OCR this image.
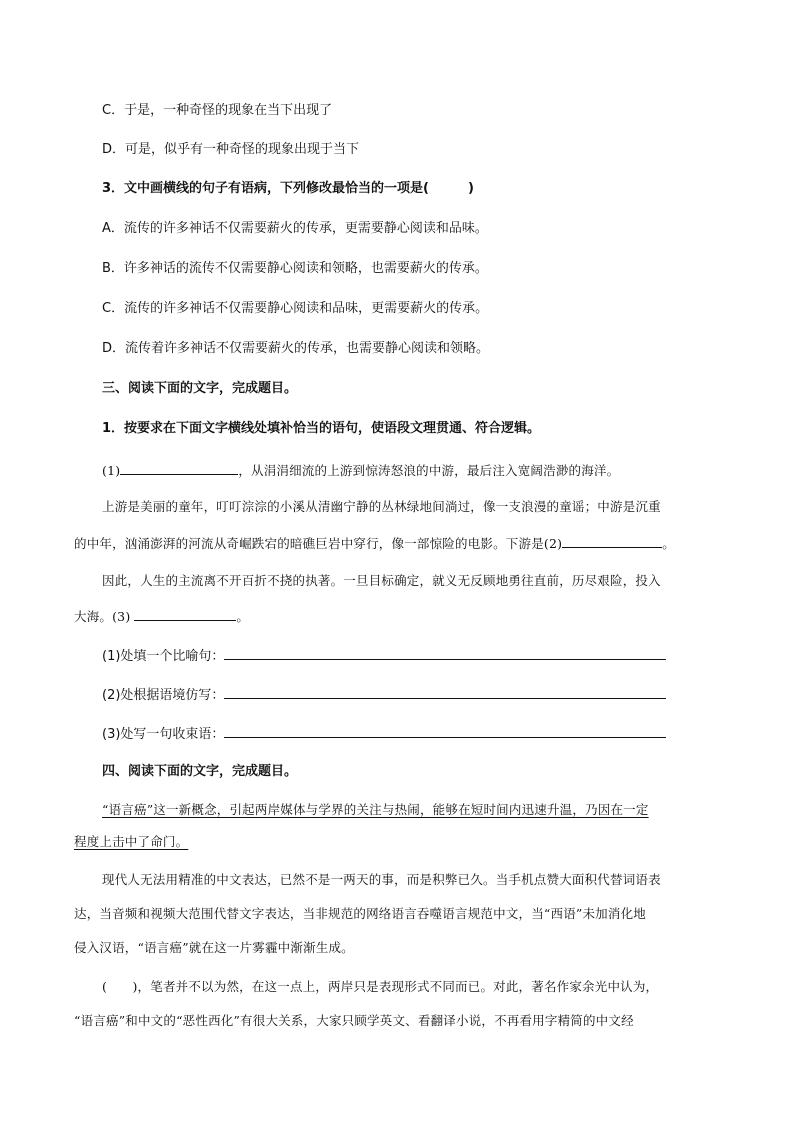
C．于是，一种奇怪的现象在当下出现了
D．可是，似乎有一种奇怪的现象出现于当下
3．文中画横线的句子有语病，下列修改最恰当的一项是(　　　)
A．流传的许多神话不仅需要薪火的传承，更需要静心阅读和品味。
B．许多神话的流传不仅需要静心阅读和领略，也需要薪火的传承。
C．流传的许多神话不仅需要静心阅读和品味，更需要薪火的传承。
D．流传着许多神话不仅需要薪火的传承，也需要静心阅读和领略。
三、阅读下面的文字，完成题目。
1．按要求在下面文字横线处填补恰当的语句，使语段文理贯通、符合逻辑。
(1)	，从涓涓细流的上游到惊涛怒浪的中游，最后注入宽阔浩渺的海洋。
上游是美丽的童年，叮叮淙淙的小溪从清幽宁静的丛林绿地间淌过，像一支浪漫的童谣；中游是沉重
的中年，汹涌澎湃的河流从奇崛跌宕的暗礁巨岩中穿行，像一部惊险的电影。下游是(2)	。
因此，人生的主流离不开百折不挠的执著。一旦目标确定，就义无反顾地勇往直前，历尽艰险，投入
大海。(3)	。
(1)处填一个比喻句：
(2)处根据语境仿写：
(3)处写一句收束语：
四、阅读下面的文字，完成题目。
“语言癌”这一新概念，引起两岸媒体与学界的关注与热闹，能够在短时间内迅速升温，乃因在一定
程度上击中了命门。
现代人无法用精准的中文表达，已然不是一两天的事，而是积弊已久。当手机点赞大面积代替词语表
达，当音频和视频大范围代替文字表达，当非规范的网络语言吞噬语言规范中文，当“西语”未加消化地
侵入汉语，“语言癌”就在这一片雾霾中渐渐生成。
(　　)，笔者并不以为然，在这一点上，两岸只是表现形式不同而已。对此，著名作家余光中认为，
“语言癌”和中文的“恶性西化”有很大关系，大家只顾学英文、看翻译小说，不再看用字精简的中文经
